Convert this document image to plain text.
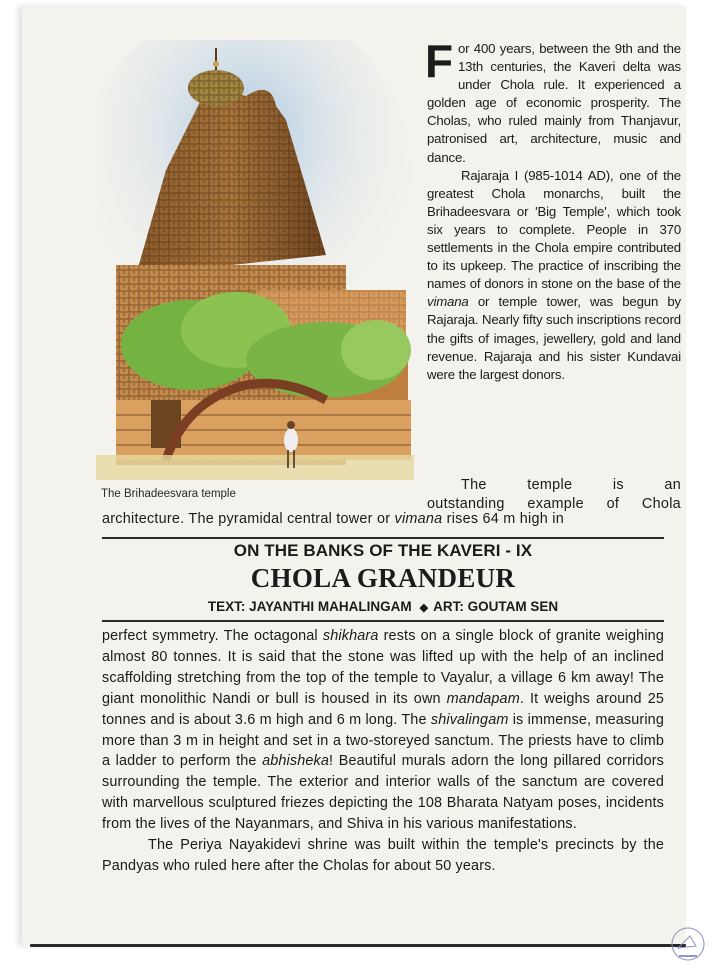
The Brihadeesvara temple

For 400 years, between the 9th and the 13th centuries, the Kaveri delta was under Chola rule. It experienced a golden age of economic prosperity. The Cholas, who ruled mainly from Thanjavur, patronised art, architecture, music and dance.

Rajaraja I (985-1014 AD), one of the greatest Chola monarchs, built the Brihadeesvara or 'Big Temple', which took six years to complete. People in 370 settlements in the Chola empire contributed to its upkeep. The practice of inscribing the names of donors in stone on the base of the vimana or temple tower, was begun by Rajaraja. Nearly fifty such inscriptions record the gifts of images, jewellery, gold and land revenue. Rajaraja and his sister Kundavai were the largest donors.

The temple is an
outstanding example of Chola
architecture. The pyramidal central tower or vimana rises 64 m high in
ON THE BANKS OF THE KAVERI - IX
CHOLA GRANDEUR
TEXT: JAYANTHI MAHALINGAM ◆ ART: GOUTAM SEN

perfect symmetry. The octagonal shikhara rests on a single block of granite weighing almost 80 tonnes. It is said that the stone was lifted up with the help of an inclined scaffolding stretching from the top of the temple to Vayalur, a village 6 km away! The giant monolithic Nandi or bull is housed in its own mandapam. It weighs around 25 tonnes and is about 3.6 m high and 6 m long. The shivalingam is immense, measuring more than 3 m in height and set in a two-storeyed sanctum. The priests have to climb a ladder to perform the abhisheka! Beautiful murals adorn the long pillared corridors surrounding the temple. The exterior and interior walls of the sanctum are covered with marvellous sculptured friezes depicting the 108 Bharata Natyam poses, incidents from the lives of the Nayanmars, and Shiva in his various manifestations.

The Periya Nayakidevi shrine was built within the temple's precincts by the Pandyas who ruled here after the Cholas for about 50 years.
